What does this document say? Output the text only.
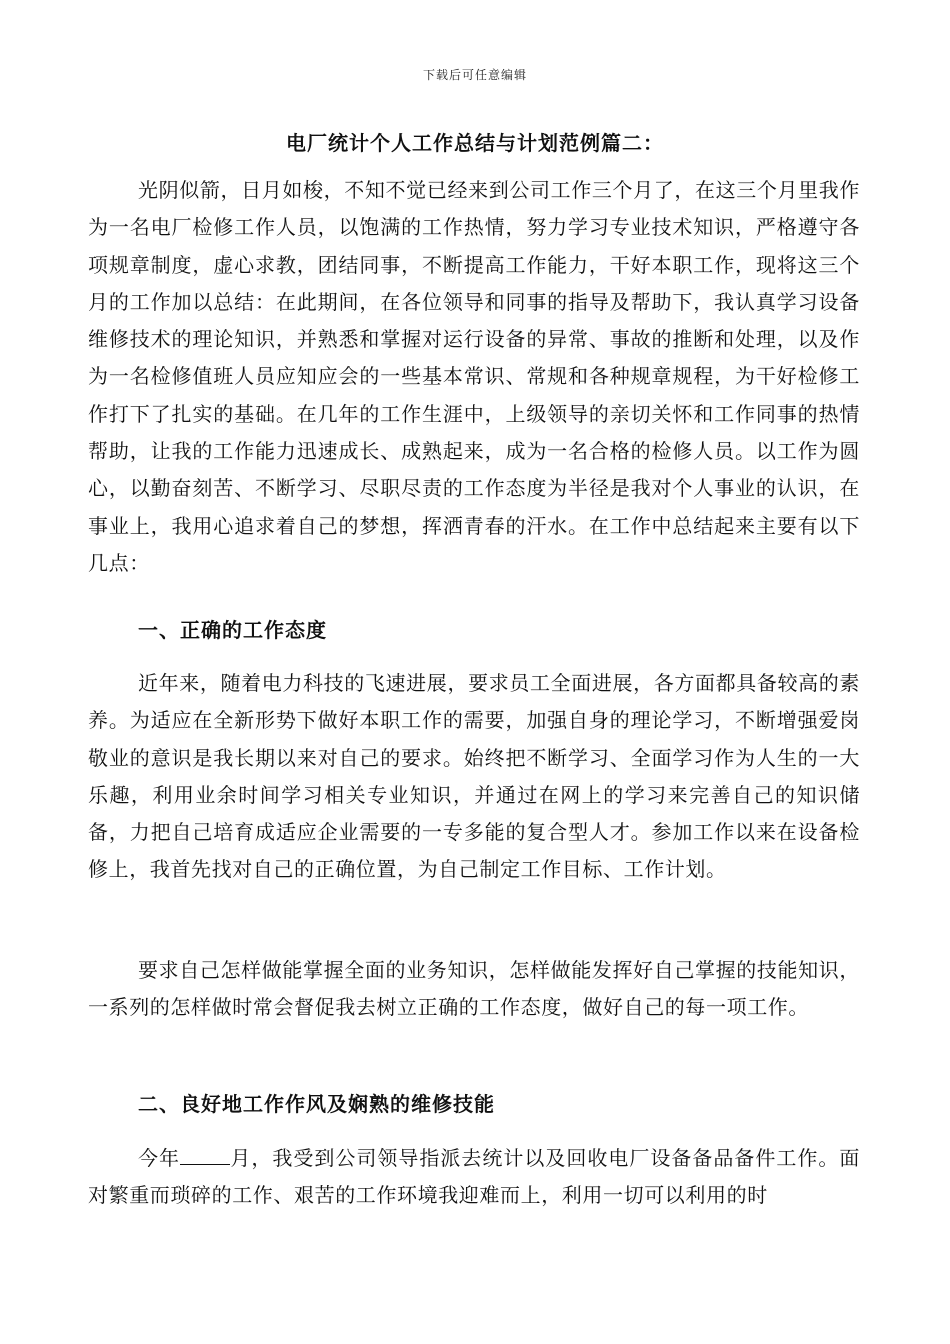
下载后可任意编辑
电厂统计个人工作总结与计划范例篇二：

光阴似箭，日月如梭，不知不觉已经来到公司工作三个月了，在这三个月里我作为一名电厂检修工作人员，以饱满的工作热情，努力学习专业技术知识，严格遵守各项规章制度，虚心求教，团结同事，不断提高工作能力，干好本职工作，现将这三个月的工作加以总结：在此期间，在各位领导和同事的指导及帮助下，我认真学习设备维修技术的理论知识，并熟悉和掌握对运行设备的异常、事故的推断和处理，以及作为一名检修值班人员应知应会的一些基本常识、常规和各种规章规程，为干好检修工作打下了扎实的基础。在几年的工作生涯中，上级领导的亲切关怀和工作同事的热情帮助，让我的工作能力迅速成长、成熟起来，成为一名合格的检修人员。以工作为圆心，以勤奋刻苦、不断学习、尽职尽责的工作态度为半径是我对个人事业的认识，在事业上，我用心追求着自己的梦想，挥洒青春的汗水。在工作中总结起来主要有以下几点：

一、正确的工作态度

近年来，随着电力科技的飞速进展，要求员工全面进展，各方面都具备较高的素养。为适应在全新形势下做好本职工作的需要，加强自身的理论学习，不断增强爱岗敬业的意识是我长期以来对自己的要求。始终把不断学习、全面学习作为人生的一大乐趣，利用业余时间学习相关专业知识，并通过在网上的学习来完善自己的知识储备，力把自己培育成适应企业需要的一专多能的复合型人才。参加工作以来在设备检修上，我首先找对自己的正确位置，为自己制定工作目标、工作计划。

要求自己怎样做能掌握全面的业务知识，怎样做能发挥好自己掌握的技能知识，一系列的怎样做时常会督促我去树立正确的工作态度，做好自己的每一项工作。

二、良好地工作作风及娴熟的维修技能

今年	月，我受到公司领导指派去统计以及回收电厂设备备品备件工作。面对繁重而琐碎的工作、艰苦的工作环境我迎难而上，利用一切可以利用的时
